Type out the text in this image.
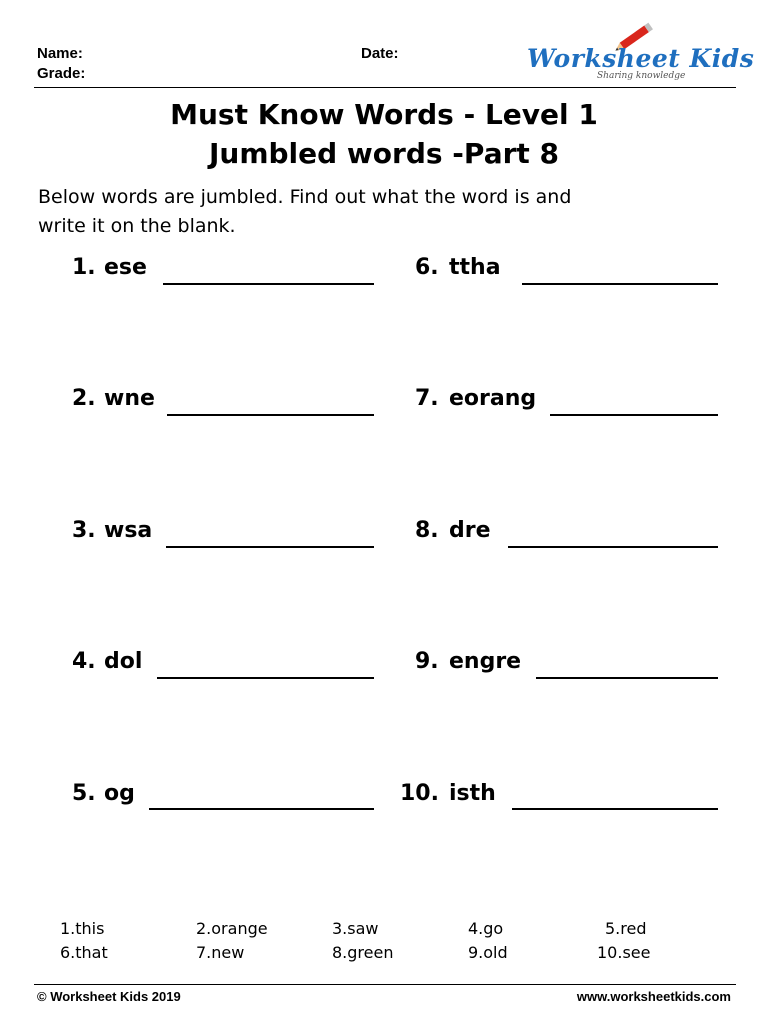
Name:
Grade:
Date:	Worksheet Kids
Sharing knowledge
Must Know Words - Level 1
Jumbled words -Part 8
Below words are jumbled. Find out what the word is and
write it on the blank.
1. ese
2. wne
3. wsa
4. dol
5. og
6. ttha
7. eorang
8. dre
9. engre
10. isth
1.this	2.orange	3.saw	4.go	5.red
6.that	7.new	8.green	9.old	10.see
© Worksheet Kids 2019	www.worksheetkids.com
